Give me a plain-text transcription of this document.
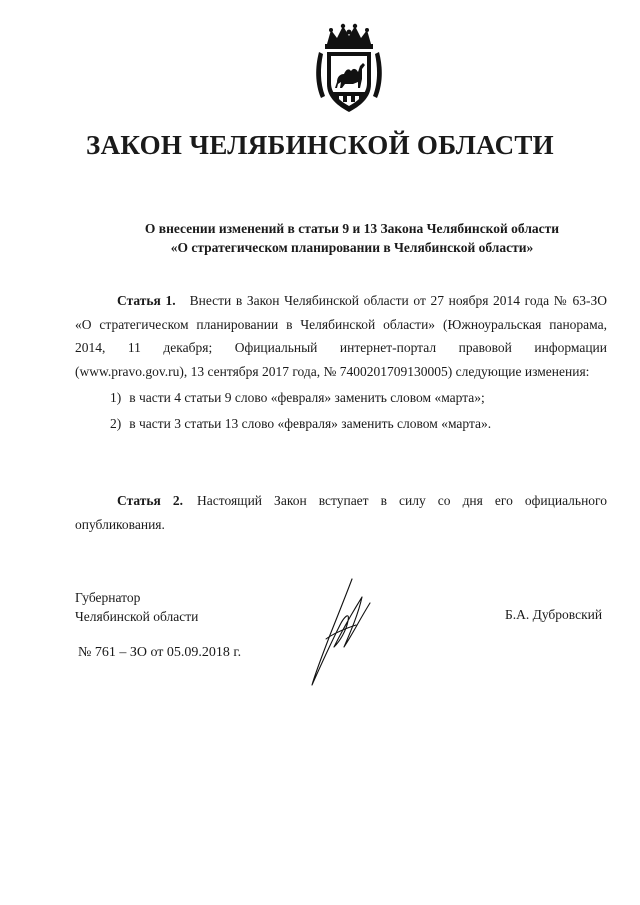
ЗАКОН ЧЕЛЯБИНСКОЙ ОБЛАСТИ
О внесении изменений в статьи 9 и 13 Закона Челябинской области
«О стратегическом планировании в Челябинской области»

Статья 1. Внести в Закон Челябинской области от 27 ноября 2014 года № 63-ЗО «О стратегическом планировании в Челябинской области» (Южноуральская панорама, 2014, 11 декабря; Официальный интернет-портал правовой информации (www.pravo.gov.ru), 13 сентября 2017 года, № 7400201709130005) следующие изменения:

1) в части 4 статьи 9 слово «февраля» заменить словом «марта»;
2) в части 3 статьи 13 слово «февраля» заменить словом «марта».

Статья 2. Настоящий Закон вступает в силу со дня его официального опубликования.

Губернатор
Челябинской области	Б.А. Дубровский
№ 761 – ЗО от 05.09.2018 г.
